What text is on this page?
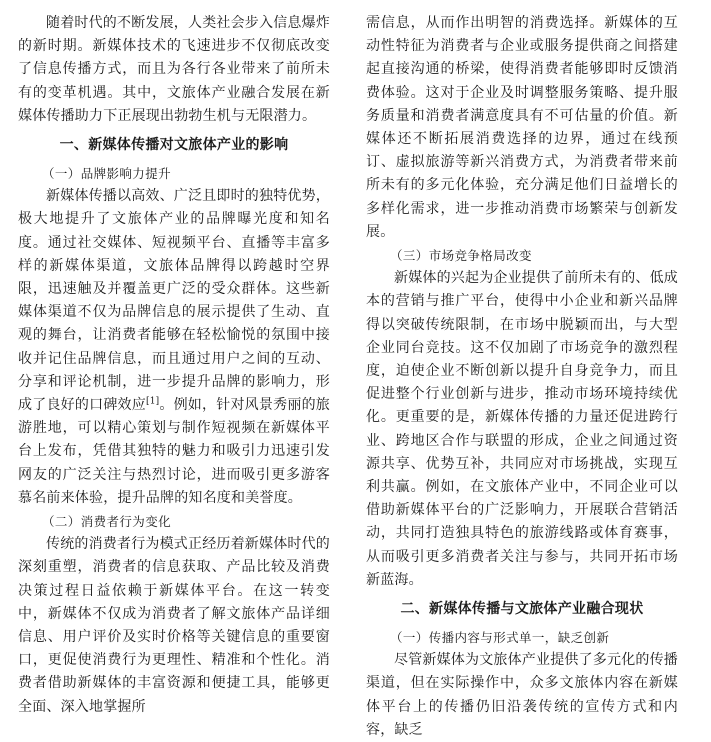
随着时代的不断发展，人类社会步入信息爆炸的新时期。新媒体技术的飞速进步不仅彻底改变了信息传播方式，而且为各行各业带来了前所未有的变革机遇。其中，文旅体产业融合发展在新媒体传播助力下正展现出勃勃生机与无限潜力。

一、新媒体传播对文旅体产业的影响
（一）品牌影响力提升

新媒体传播以高效、广泛且即时的独特优势，极大地提升了文旅体产业的品牌曝光度和知名度。通过社交媒体、短视频平台、直播等丰富多样的新媒体渠道，文旅体品牌得以跨越时空界限，迅速触及并覆盖更广泛的受众群体。这些新媒体渠道不仅为品牌信息的展示提供了生动、直观的舞台，让消费者能够在轻松愉悦的氛围中接收并记住品牌信息，而且通过用户之间的互动、分享和评论机制，进一步提升品牌的影响力，形成了良好的口碑效应[1]。例如，针对风景秀丽的旅游胜地，可以精心策划与制作短视频在新媒体平台上发布，凭借其独特的魅力和吸引力迅速引发网友的广泛关注与热烈讨论，进而吸引更多游客慕名前来体验，提升品牌的知名度和美誉度。

（二）消费者行为变化

传统的消费者行为模式正经历着新媒体时代的深刻重塑，消费者的信息获取、产品比较及消费决策过程日益依赖于新媒体平台。在这一转变中，新媒体不仅成为消费者了解文旅体产品详细信息、用户评价及实时价格等关键信息的重要窗口，更促使消费行为更理性、精准和个性化。消费者借助新媒体的丰富资源和便捷工具，能够更全面、深入地掌握所

需信息，从而作出明智的消费选择。新媒体的互动性特征为消费者与企业或服务提供商之间搭建起直接沟通的桥梁，使得消费者能够即时反馈消费体验。这对于企业及时调整服务策略、提升服务质量和消费者满意度具有不可估量的价值。新媒体还不断拓展消费选择的边界，通过在线预订、虚拟旅游等新兴消费方式，为消费者带来前所未有的多元化体验，充分满足他们日益增长的多样化需求，进一步推动消费市场繁荣与创新发展。

（三）市场竞争格局改变

新媒体的兴起为企业提供了前所未有的、低成本的营销与推广平台，使得中小企业和新兴品牌得以突破传统限制，在市场中脱颖而出，与大型企业同台竞技。这不仅加剧了市场竞争的激烈程度，迫使企业不断创新以提升自身竞争力，而且促进整个行业创新与进步，推动市场环境持续优化。更重要的是，新媒体传播的力量还促进跨行业、跨地区合作与联盟的形成，企业之间通过资源共享、优势互补，共同应对市场挑战，实现互利共赢。例如，在文旅体产业中，不同企业可以借助新媒体平台的广泛影响力，开展联合营销活动，共同打造独具特色的旅游线路或体育赛事，从而吸引更多消费者关注与参与，共同开拓市场新蓝海。

二、新媒体传播与文旅体产业融合现状
（一）传播内容与形式单一，缺乏创新

尽管新媒体为文旅体产业提供了多元化的传播渠道，但在实际操作中，众多文旅体内容在新媒体平台上的传播仍旧沿袭传统的宣传方式和内容，缺乏
